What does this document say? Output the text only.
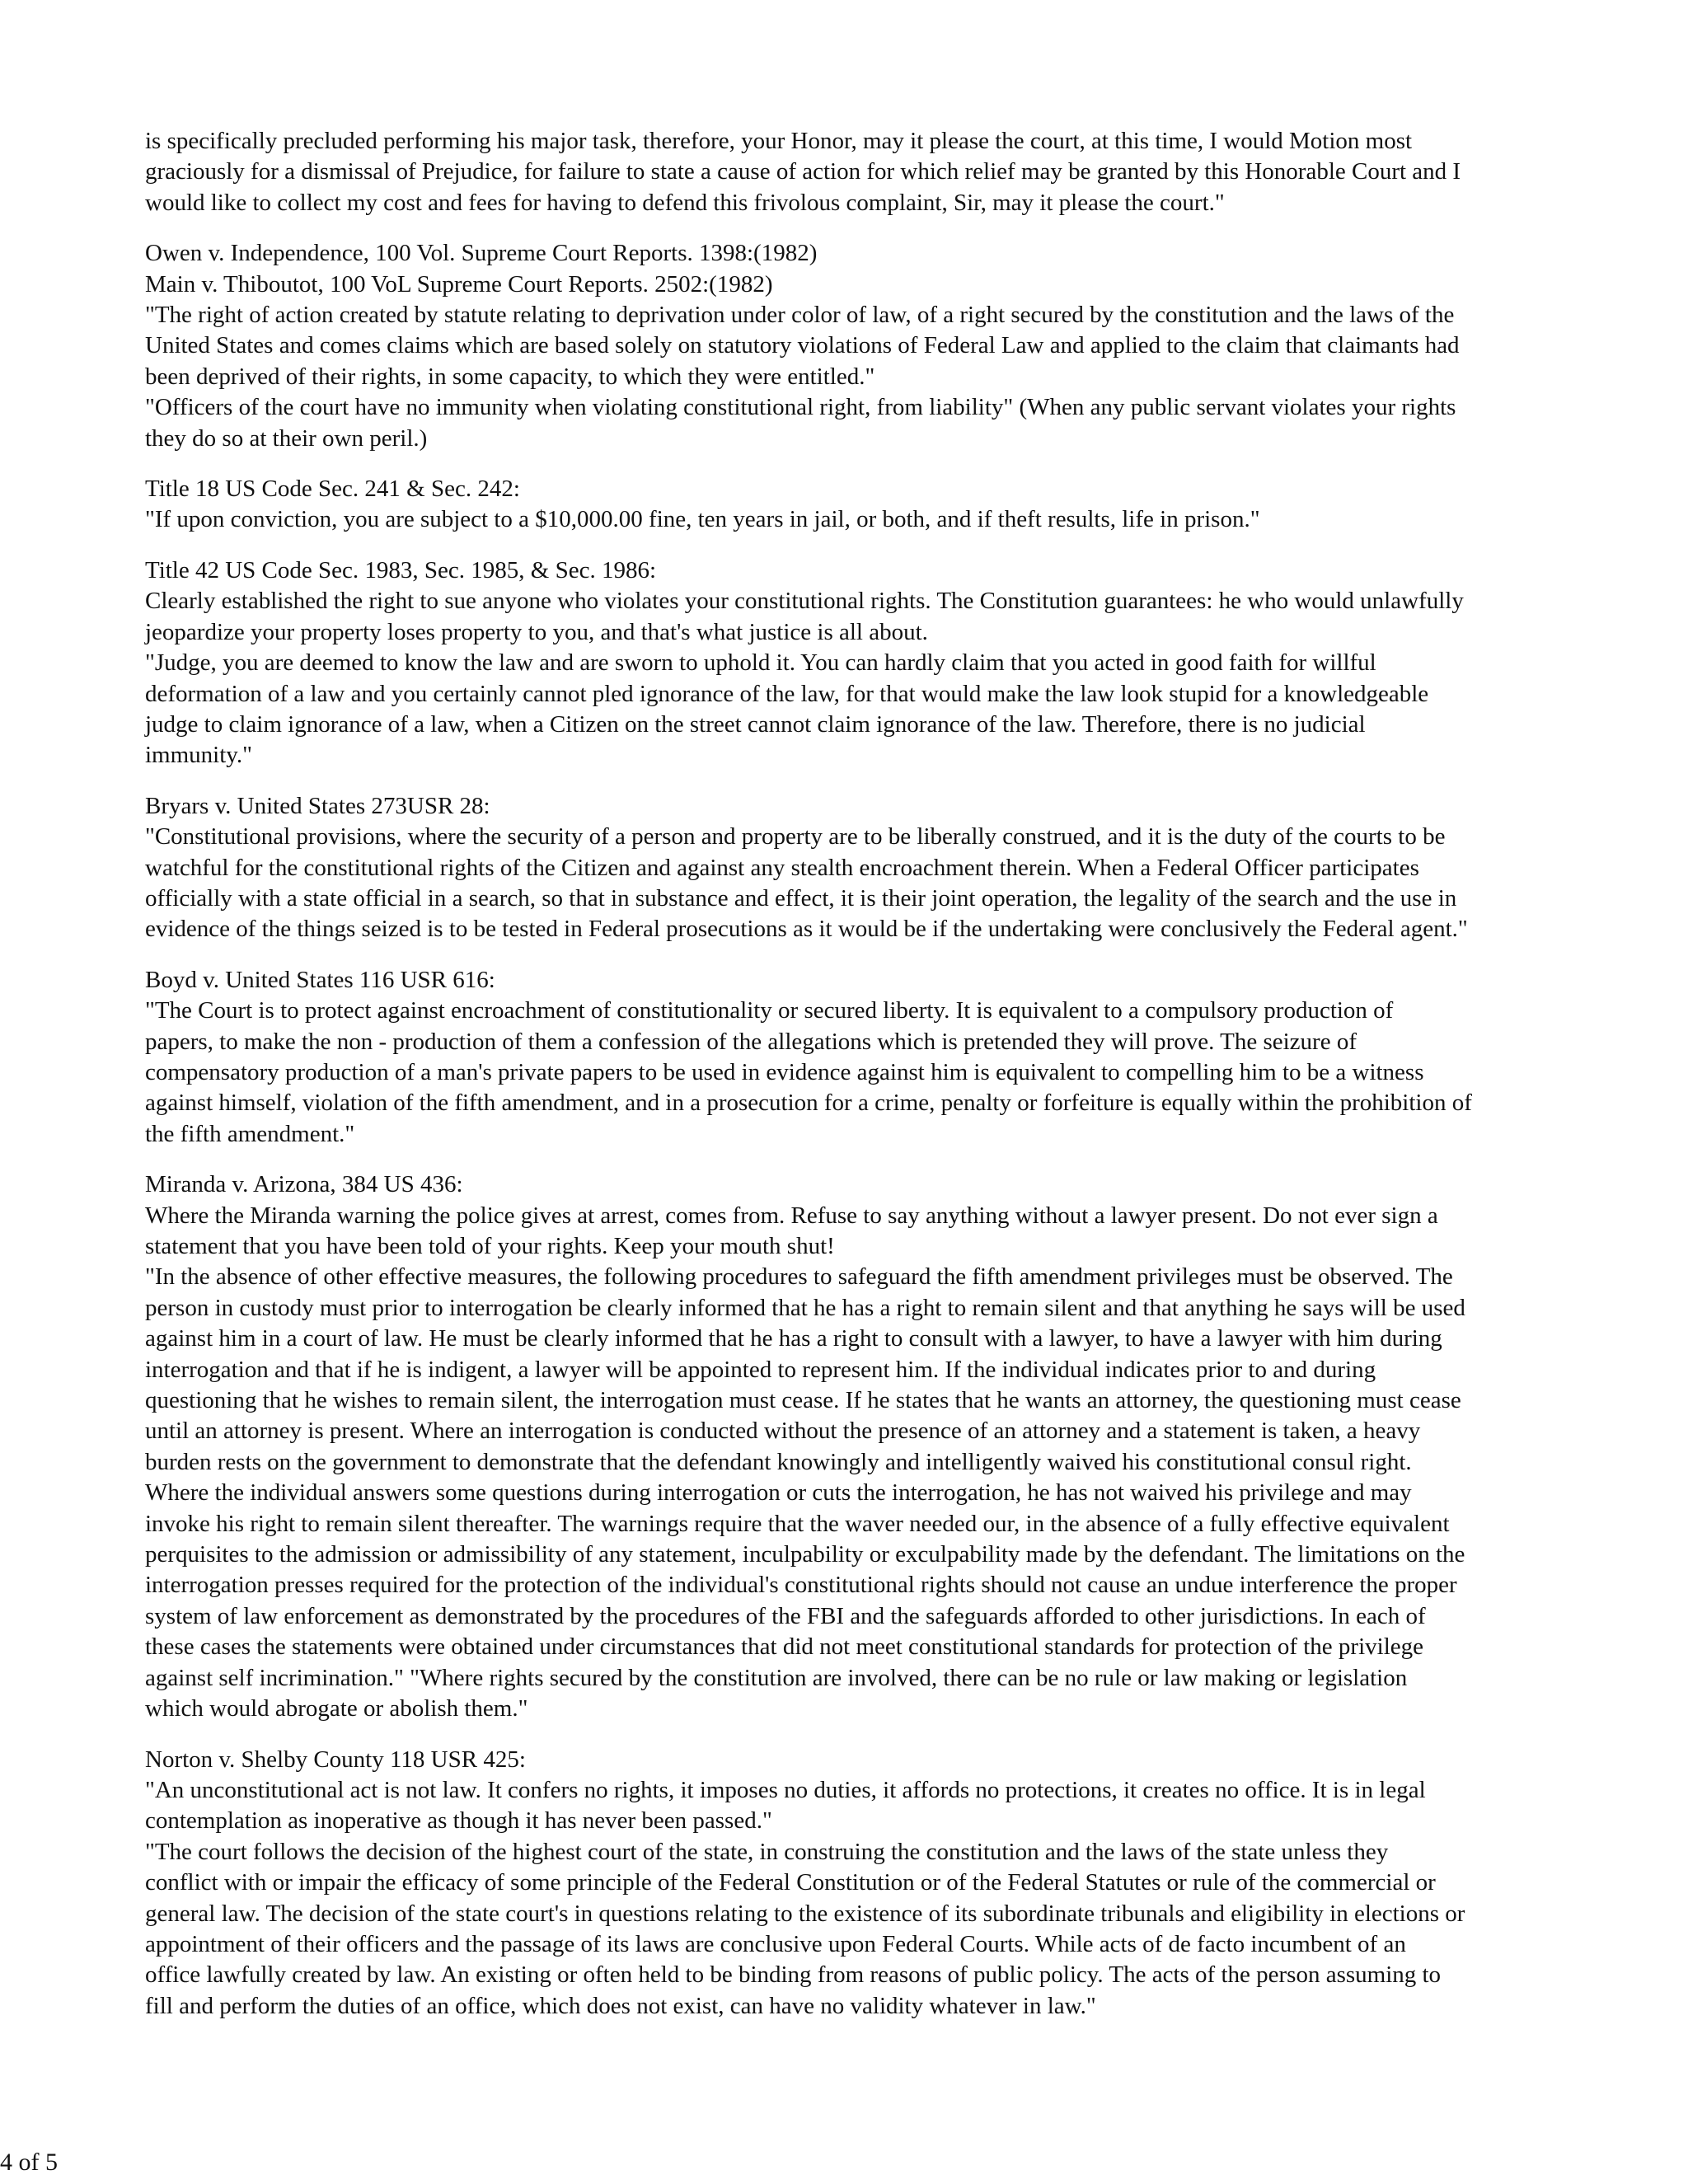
is specifically precluded performing his major task, therefore, your Honor, may it please the court, at this time, I would Motion most

graciously for a dismissal of Prejudice, for failure to state a cause of action for which relief may be granted by this Honorable Court and I

would like to collect my cost and fees for having to defend this frivolous complaint, Sir, may it please the court."

Owen v. Independence, 100 Vol. Supreme Court Reports. 1398:(1982)

Main v. Thiboutot, 100 VoL Supreme Court Reports. 2502:(1982)

"The right of action created by statute relating to deprivation under color of law, of a right secured by the constitution and the laws of the

United States and comes claims which are based solely on statutory violations of Federal Law and applied to the claim that claimants had

been deprived of their rights, in some capacity, to which they were entitled."

"Officers of the court have no immunity when violating constitutional right, from liability" (When any public servant violates your rights

they do so at their own peril.)

Title 18 US Code Sec. 241 & Sec. 242:

"If upon conviction, you are subject to a $10,000.00 fine, ten years in jail, or both, and if theft results, life in prison."

Title 42 US Code Sec. 1983, Sec. 1985, & Sec. 1986:

Clearly established the right to sue anyone who violates your constitutional rights. The Constitution guarantees: he who would unlawfully

jeopardize your property loses property to you, and that's what justice is all about.

"Judge, you are deemed to know the law and are sworn to uphold it. You can hardly claim that you acted in good faith for willful

deformation of a law and you certainly cannot pled ignorance of the law, for that would make the law look stupid for a knowledgeable

judge to claim ignorance of a law, when a Citizen on the street cannot claim ignorance of the law. Therefore, there is no judicial

immunity."

Bryars v. United States 273USR 28:

"Constitutional provisions, where the security of a person and property are to be liberally construed, and it is the duty of the courts to be

watchful for the constitutional rights of the Citizen and against any stealth encroachment therein. When a Federal Officer participates

officially with a state official in a search, so that in substance and effect, it is their joint operation, the legality of the search and the use in

evidence of the things seized is to be tested in Federal prosecutions as it would be if the undertaking were conclusively the Federal agent."

Boyd v. United States 116 USR 616:

"The Court is to protect against encroachment of constitutionality or secured liberty. It is equivalent to a compulsory production of

papers, to make the non - production of them a confession of the allegations which is pretended they will prove. The seizure of

compensatory production of a man's private papers to be used in evidence against him is equivalent to compelling him to be a witness

against himself, violation of the fifth amendment, and in a prosecution for a crime, penalty or forfeiture is equally within the prohibition of

the fifth amendment."

Miranda v. Arizona, 384 US 436:

Where the Miranda warning the police gives at arrest, comes from. Refuse to say anything without a lawyer present. Do not ever sign a

statement that you have been told of your rights. Keep your mouth shut!

"In the absence of other effective measures, the following procedures to safeguard the fifth amendment privileges must be observed. The

person in custody must prior to interrogation be clearly informed that he has a right to remain silent and that anything he says will be used

against him in a court of law. He must be clearly informed that he has a right to consult with a lawyer, to have a lawyer with him during

interrogation and that if he is indigent, a lawyer will be appointed to represent him. If the individual indicates prior to and during

questioning that he wishes to remain silent, the interrogation must cease. If he states that he wants an attorney, the questioning must cease

until an attorney is present. Where an interrogation is conducted without the presence of an attorney and a statement is taken, a heavy

burden rests on the government to demonstrate that the defendant knowingly and intelligently waived his constitutional consul right.

Where the individual answers some questions during interrogation or cuts the interrogation, he has not waived his privilege and may

invoke his right to remain silent thereafter. The warnings require that the waver needed our, in the absence of a fully effective equivalent

perquisites to the admission or admissibility of any statement, inculpability or exculpability made by the defendant. The limitations on the

interrogation presses required for the protection of the individual's constitutional rights should not cause an undue interference the proper

system of law enforcement as demonstrated by the procedures of the FBI and the safeguards afforded to other jurisdictions. In each of

these cases the statements were obtained under circumstances that did not meet constitutional standards for protection of the privilege

against self incrimination." "Where rights secured by the constitution are involved, there can be no rule or law making or legislation

which would abrogate or abolish them."

Norton v. Shelby County 118 USR 425:

"An unconstitutional act is not law. It confers no rights, it imposes no duties, it affords no protections, it creates no office. It is in legal

contemplation as inoperative as though it has never been passed."

"The court follows the decision of the highest court of the state, in construing the constitution and the laws of the state unless they

conflict with or impair the efficacy of some principle of the Federal Constitution or of the Federal Statutes or rule of the commercial or

general law. The decision of the state court's in questions relating to the existence of its subordinate tribunals and eligibility in elections or

appointment of their officers and the passage of its laws are conclusive upon Federal Courts. While acts of de facto incumbent of an

office lawfully created by law. An existing or often held to be binding from reasons of public policy. The acts of the person assuming to

fill and perform the duties of an office, which does not exist, can have no validity whatever in law."

4 of 5
